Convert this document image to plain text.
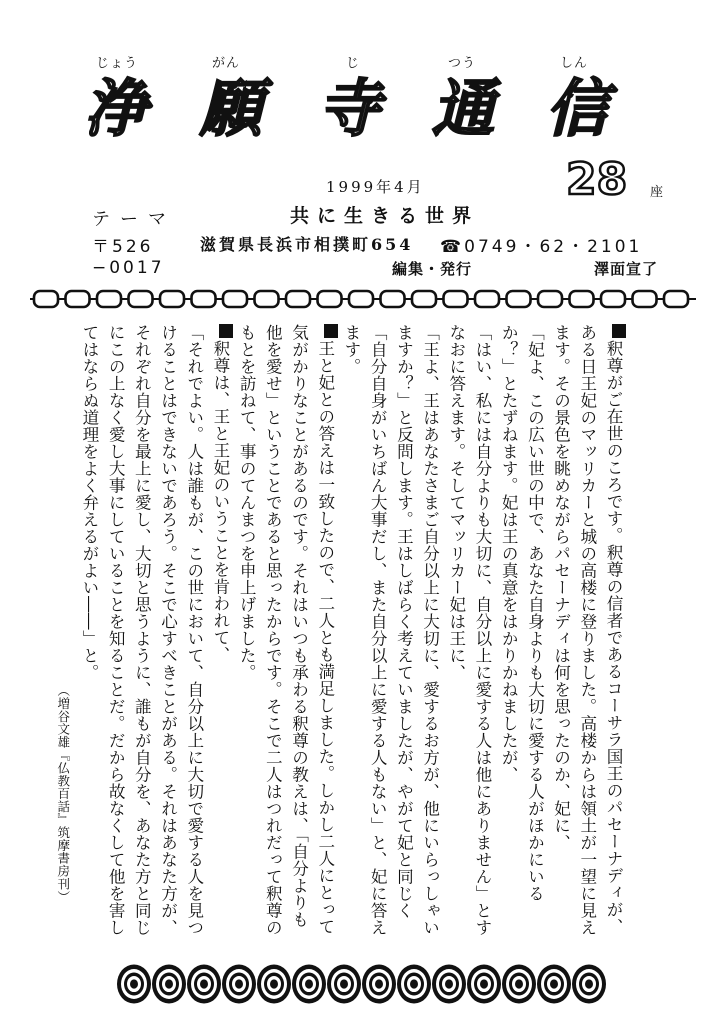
じょう	がん	じ	つう	しん
浄 願 寺 通 信
1999年4月	28 座
テーマ	共に生きる世界
〒526	滋賀県長浜市相撲町654 ☎0749・62・2101
−0017	編集・発行	澤面宣了

釈尊がご在世のころです。釈尊の信者であるコーサラ国王のパセーナディが、ある日王妃のマッリカーと城の高楼に登りました。高楼からは領土が一望に見えます。その景色を眺めながらパセーナディは何を思ったのか、妃に、

「妃よ、この広い世の中で、あなた自身よりも大切に愛する人がほかにいるか？」とたずねます。妃は王の真意をはかりかねましたが、

「はい、私には自分よりも大切に、自分以上に愛する人は他にありません」とすなおに答えます。そしてマッリカー妃は王に、

「王よ、王はあなたさまご自分以上に大切に、愛するお方が、他にいらっしゃいますか？」と反問します。王はしばらく考えていましたが、やがて妃と同じく「自分自身がいちばん大事だし、また自分以上に愛する人もない」と、妃に答えます。

王と妃との答えは一致したので、二人とも満足しました。しかし二人にとって気がかりなことがあるのです。それはいつも承わる釈尊の教えは、「自分よりも他を愛せ」ということであると思ったからです。そこで二人はつれだって釈尊のもとを訪ねて、事のてんまつを申上げました。

釈尊は、王と王妃のいうことを肯われて、

「それでよい。人は誰もが、この世において、自分以上に大切で愛する人を見つけることはできないであろう。そこで心すべきことがある。それはあなた方が、それぞれ自分を最上に愛し、大切と思うように、誰もが自分を、あなた方と同じにこの上なく愛し大事にしていることを知ることだ。だから故なくして他を害してはならぬ道理をよく弁えるがよい――」と。

（増谷文雄『仏教百話』筑摩書房刊）
